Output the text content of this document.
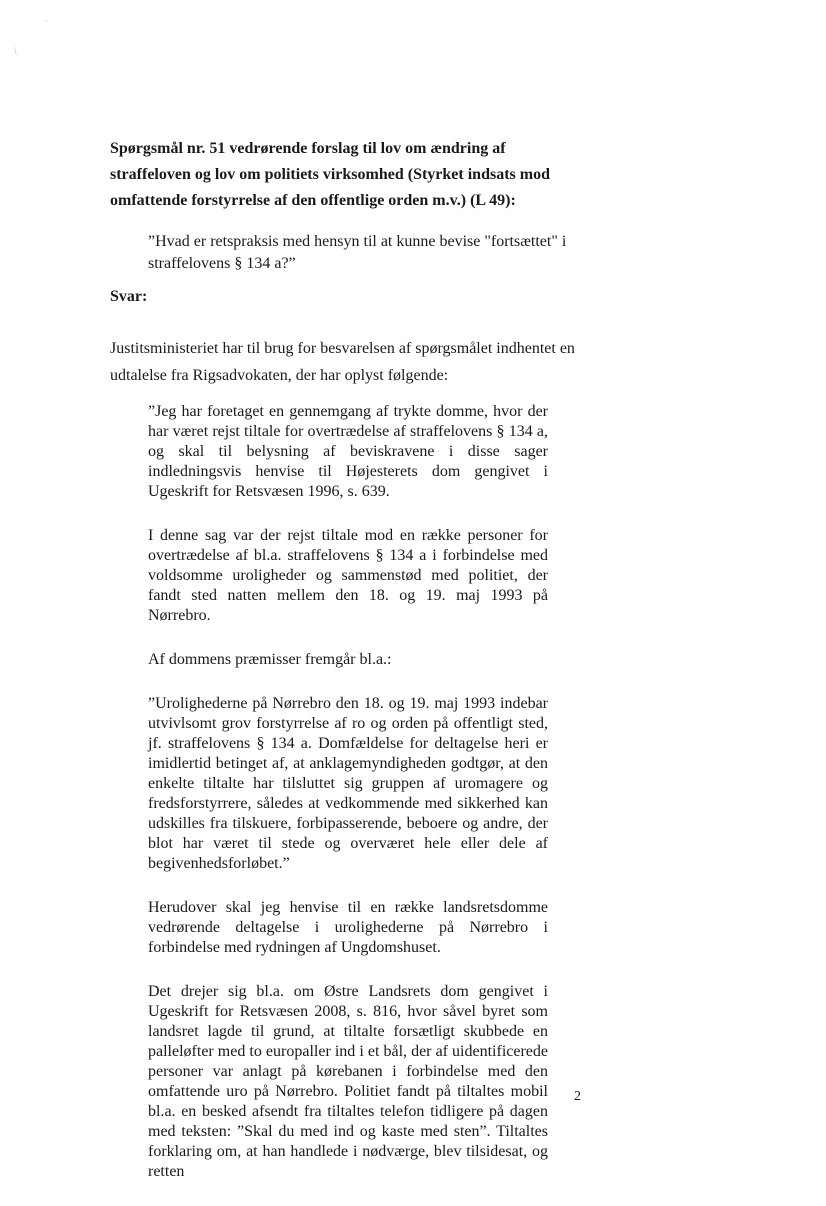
·
/

Spørgsmål nr. 51 vedrørende forslag til lov om ændring af straffeloven og lov om politiets virksomhed (Styrket indsats mod omfattende forstyrrelse af den offentlige orden m.v.) (L 49):

”Hvad er retspraksis med hensyn til at kunne bevise "fortsættet" i straffelovens § 134 a?”

Svar:

Justitsministeriet har til brug for besvarelsen af spørgsmålet indhentet en udtalelse fra Rigsadvokaten, der har oplyst følgende:

”Jeg har foretaget en gennemgang af trykte domme, hvor der har været rejst tiltale for overtrædelse af straffelovens § 134 a, og skal til belysning af beviskravene i disse sager indledningsvis henvise til Højesterets dom gengivet i Ugeskrift for Retsvæsen 1996, s. 639.

I denne sag var der rejst tiltale mod en række personer for overtrædelse af bl.a. straffelovens § 134 a i forbindelse med voldsomme uroligheder og sammenstød med politiet, der fandt sted natten mellem den 18. og 19. maj 1993 på Nørrebro.

Af dommens præmisser fremgår bl.a.:

”Urolighederne på Nørrebro den 18. og 19. maj 1993 indebar utvivlsomt grov forstyrrelse af ro og orden på offentligt sted, jf. straffelovens § 134 a. Domfældelse for deltagelse heri er imidlertid betinget af, at anklagemyndigheden godtgør, at den enkelte tiltalte har tilsluttet sig gruppen af uromagere og fredsforstyrrere, således at vedkommende med sikkerhed kan udskilles fra tilskuere, forbipasserende, beboere og andre, der blot har været til stede og overværet hele eller dele af begivenhedsforløbet.”

Herudover skal jeg henvise til en række landsretsdomme vedrørende deltagelse i urolighederne på Nørrebro i forbindelse med rydningen af Ungdomshuset.

Det drejer sig bl.a. om Østre Landsrets dom gengivet i Ugeskrift for Retsvæsen 2008, s. 816, hvor såvel byret som landsret lagde til grund, at tiltalte forsætligt skubbede en palleløfter med to europaller ind i et bål, der af uidentificerede personer var anlagt på kørebanen i forbindelse med den omfattende uro på Nørrebro. Politiet fandt på tiltaltes mobil bl.a. en besked afsendt fra tiltaltes telefon tidligere på dagen med teksten: ”Skal du med ind og kaste med sten”. Tiltaltes forklaring om, at han handlede i nødværge, blev tilsidesat, og retten

2
